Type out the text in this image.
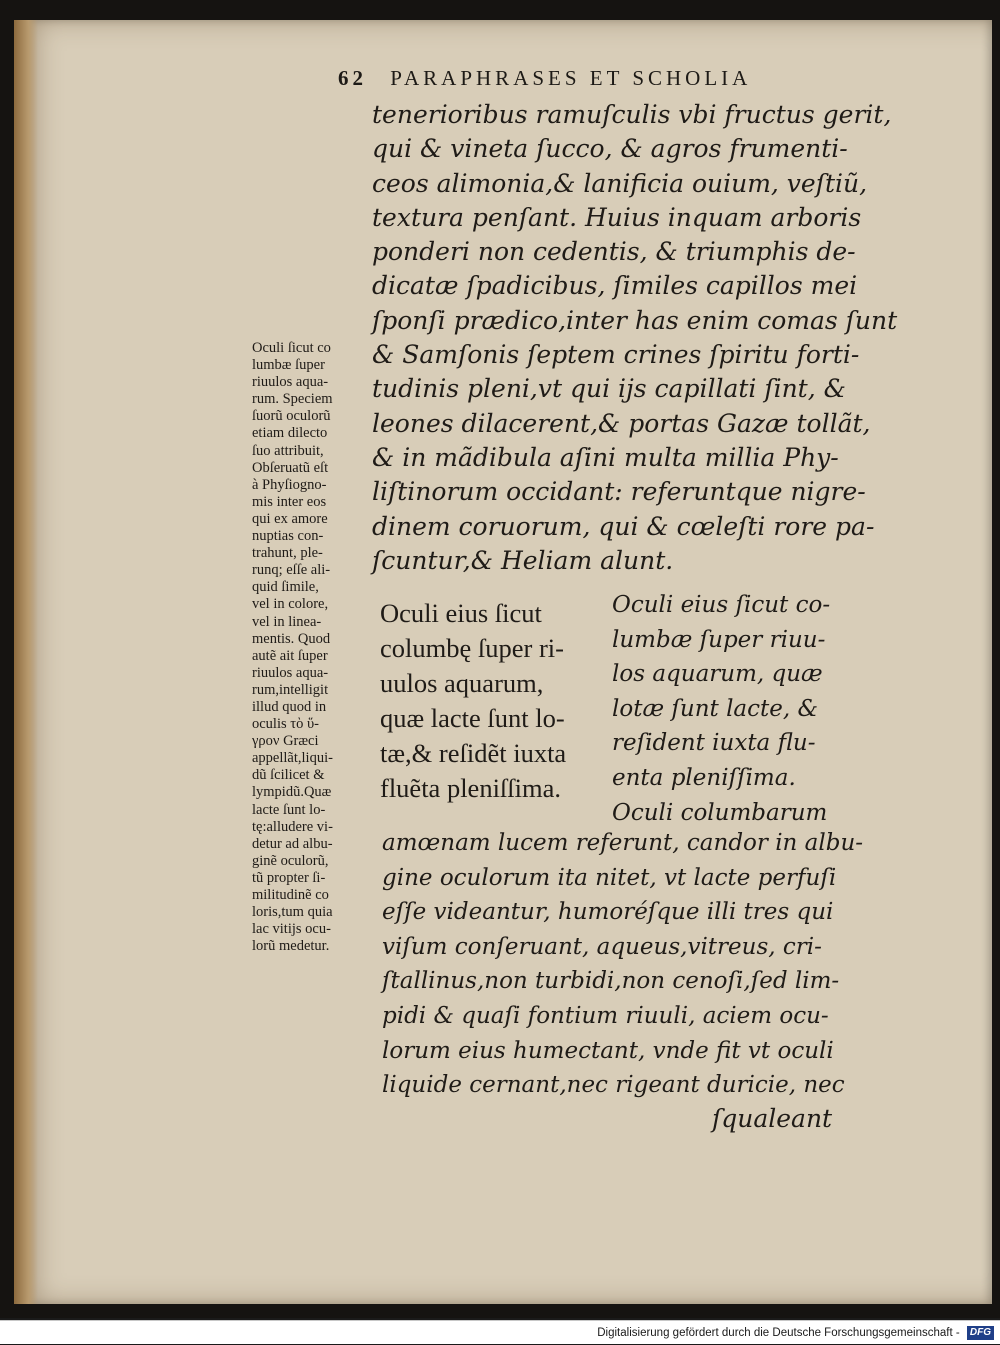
62 PARAPHRASES ET SCHOLIA
tenerioribus ramuſculis vbi fructus gerit,
qui & vineta ſucco, & agros frumenti-
ceos alimonia,& lanificia ouium, veſtiũ,
textura penſant. Huius inquam arboris
ponderi non cedentis, & triumphis de-
dicatæ ſpadicibus, ſimiles capillos mei
ſponſi prædico,inter has enim comas ſunt
& Samſonis ſeptem crines ſpiritu forti-
tudinis pleni,vt qui ijs capillati ſint, &
leones dilacerent,& portas Gazæ tollãt,
& in mãdibula aſini multa millia Phy-
liſtinorum occidant: referuntque nigre-
dinem coruorum, qui & cœleſti rore pa-
ſcuntur,& Heliam alunt.
Oculi ſicut co
lumbæ ſuper
riuulos aqua-
rum. Speciem
ſuorũ oculorũ
etiam dilecto
ſuo attribuit,
Obſeruatũ eſt
à Phyſiogno-
mis inter eos
qui ex amore
nuptias con-
trahunt, ple-
runq; eſſe ali-
quid ſimile,
vel in colore,
vel in linea-
mentis. Quod
autẽ ait ſuper
riuulos aqua-
rum,intelligit
illud quod in
oculis τὸ ὕ-
γρον Græci
appellãt,liqui-
dũ ſcilicet &
lympidũ.Quæ
lacte ſunt lo-
tę:alludere vi-
detur ad albu-
ginẽ oculorũ,
tũ propter ſi-
militudinẽ co
loris,tum quia
lac vitijs ocu-
lorũ medetur.
Oculi eius ſicut
columbę ſuper ri-
uulos aquarum,
quæ lacte ſunt lo-
tæ,& reſidẽt iuxta
fluẽta pleniſſima.
Oculi eius ſicut co-
lumbæ ſuper riuu-
los aquarum, quæ
lotæ ſunt lacte, &
reſident iuxta flu-
enta pleniſſima.
Oculi columbarum
amœnam lucem referunt, candor in albu-
gine oculorum ita nitet, vt lacte perfuſi
eſſe videantur, humoréſque illi tres qui
viſum conſeruant, aqueus,vitreus, cri-
ſtallinus,non turbidi,non cenoſi,ſed lim-
pidi & quaſi fontium riuuli, aciem ocu-
lorum eius humectant, vnde fit vt oculi
liquide cernant,nec rigeant duricie, nec
ſqualeant
Digitalisierung gefördert durch die Deutsche Forschungsgemeinschaft - DFG
